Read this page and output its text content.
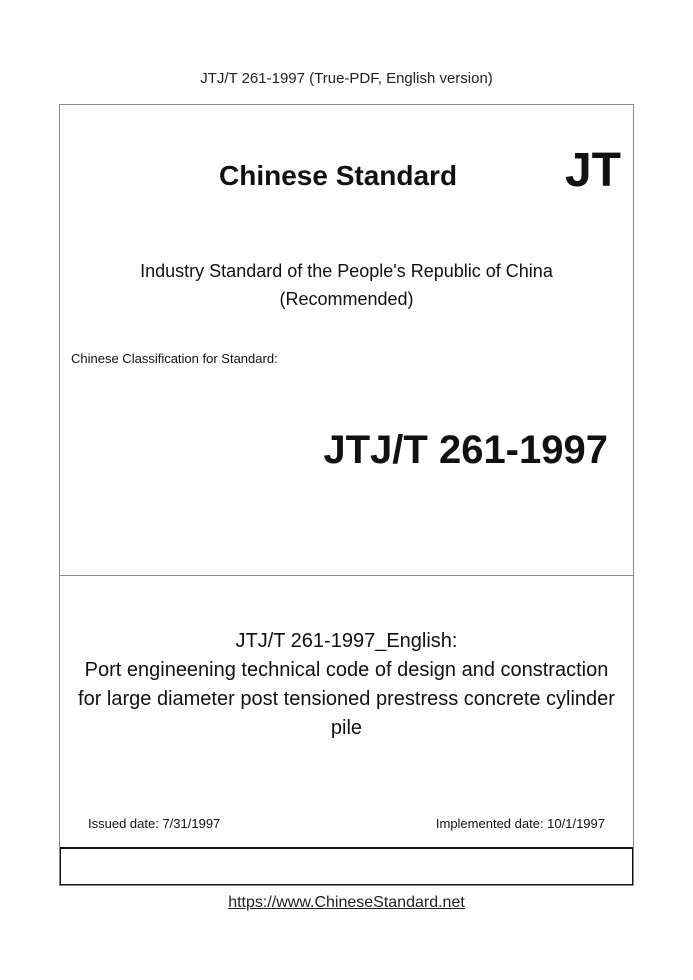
JTJ/T 261-1997 (True-PDF, English version)
Chinese Standard JT
Industry Standard of the People's Republic of China
(Recommended)
Chinese Classification for Standard:
JTJ/T 261-1997
JTJ/T 261-1997_English:
Port engineening technical code of design and constraction
for large diameter post tensioned prestress concrete cylinder
pile
Issued date: 7/31/1997	Implemented date: 10/1/1997
https://www.ChineseStandard.net
